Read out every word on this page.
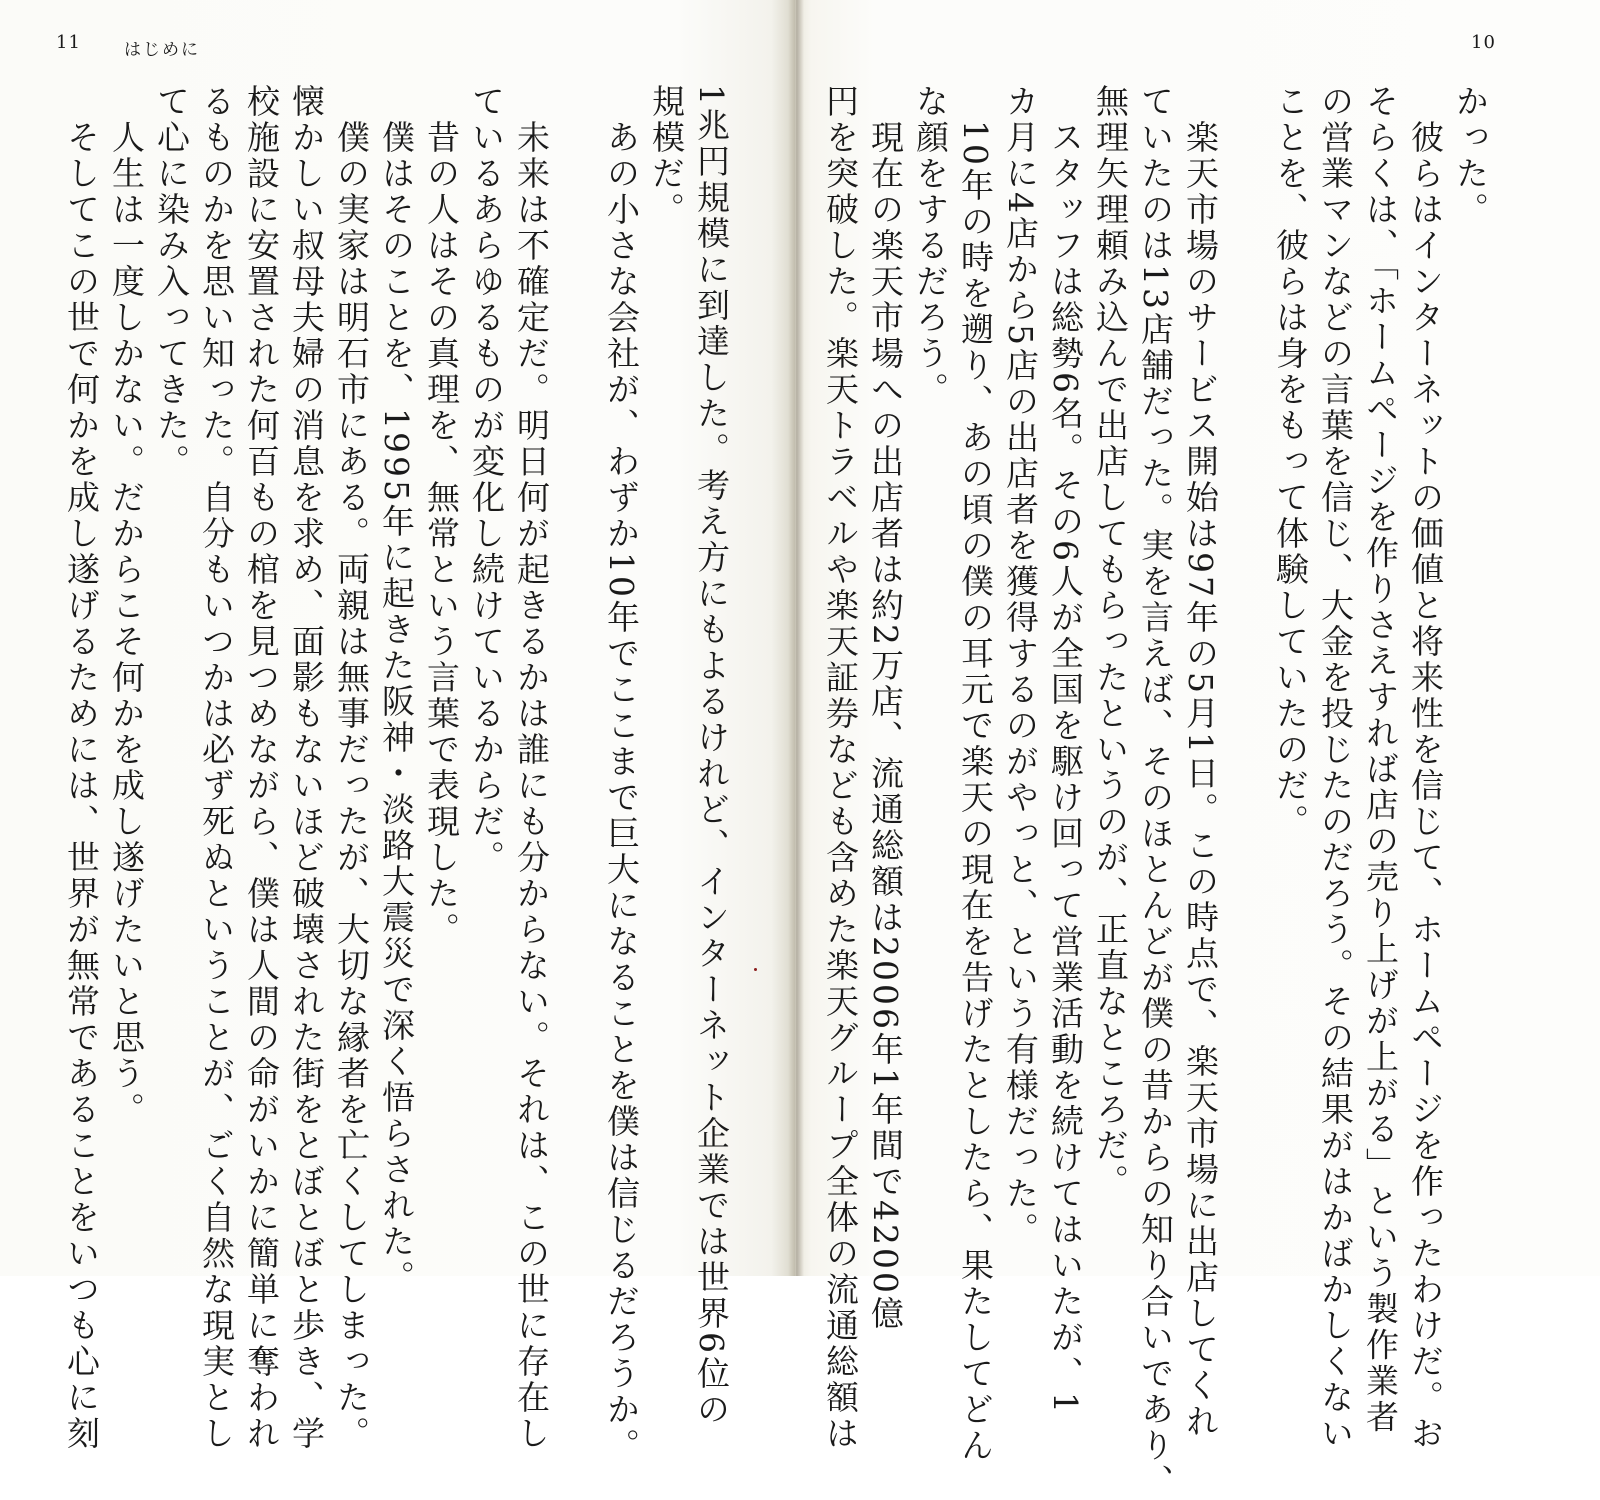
11	はじめに
1兆円規模に到達した。考え方にもよるけれど、インターネット企業では世界6位の
規模だ。
　あの小さな会社が、わずか10年でここまで巨大になることを僕は信じるだろうか。

　未来は不確定だ。明日何が起きるかは誰にも分からない。それは、この世に存在し
ているあらゆるものが変化し続けているからだ。
　昔の人はその真理を、無常という言葉で表現した。
　僕はそのことを、1995年に起きた阪神・淡路大震災で深く悟らされた。
　僕の実家は明石市にある。両親は無事だったが、大切な縁者を亡くしてしまった。
懐かしい叔母夫婦の消息を求め、面影もないほど破壊された街をとぼとぼと歩き、学
校施設に安置された何百もの棺を見つめながら、僕は人間の命がいかに簡単に奪われ
るものかを思い知った。自分もいつかは必ず死ぬということが、ごく自然な現実とし
て心に染み入ってきた。
　人生は一度しかない。だからこそ何かを成し遂げたいと思う。
　そしてこの世で何かを成し遂げるためには、世界が無常であることをいつも心に刻
10
かった。
　彼らはインターネットの価値と将来性を信じて、ホームページを作ったわけだ。お
そらくは、「ホームページを作りさえすれば店の売り上げが上がる」という製作業者
の営業マンなどの言葉を信じ、大金を投じたのだろう。その結果がはかばかしくない
ことを、彼らは身をもって体験していたのだ。

　楽天市場のサービス開始は97年の5月1日。この時点で、楽天市場に出店してくれ
ていたのは13店舗だった。実を言えば、そのほとんどが僕の昔からの知り合いであり、
無理矢理頼み込んで出店してもらったというのが、正直なところだ。
　スタッフは総勢6名。その6人が全国を駆け回って営業活動を続けてはいたが、1
カ月に4店から5店の出店者を獲得するのがやっと、という有様だった。
　10年の時を遡り、あの頃の僕の耳元で楽天の現在を告げたとしたら、果たしてどん
な顔をするだろう。
　現在の楽天市場への出店者は約2万店、流通総額は2006年1年間で4200億
円を突破した。楽天トラベルや楽天証券なども含めた楽天グループ全体の流通総額は
